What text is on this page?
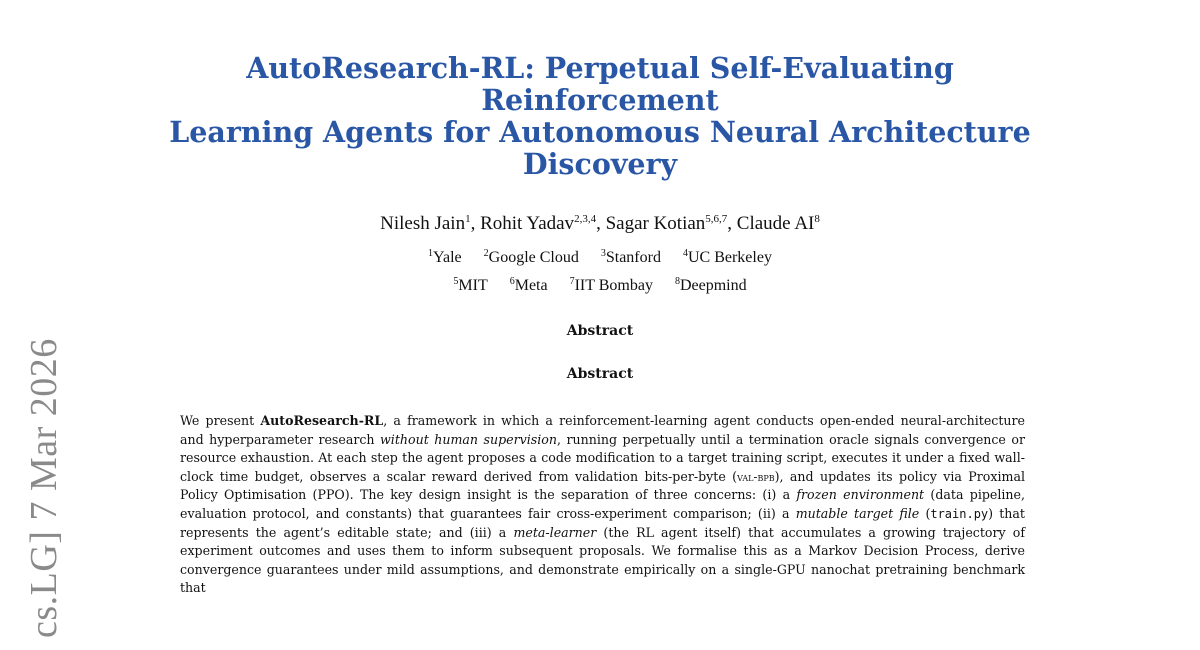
cs.LG] 7 Mar 2026
AutoResearch-RL: Perpetual Self-Evaluating
Reinforcement
Learning Agents for Autonomous Neural Architecture
Discovery
Nilesh Jain$^1$, Rohit Yadav$^{2,3,4}$, Sagar Kotian$^{5,6,7}$, Claude $AI^8$
$^1$Yale $^2$Google Cloud $^3$Stanford $^4$UC Berkeley
$^5$MIT $^6$Meta $^7$IIT Bombay $^8$Deepmind
Abstract
Abstract

We present AutoResearch-RL, a framework in which a reinforcement-learning agent conducts open-ended neural-architecture and hyperparameter research without human supervision, running perpetually until a termination oracle signals convergence or resource exhaustion. At each step the agent proposes a code modification to a target training script, executes it under a fixed wall-clock time budget, observes a scalar reward derived from validation bits-per-byte (val-bpb), and updates its policy via Proximal Policy Optimisation (PPO). The key design insight is the separation of three concerns: (i) a frozen environment (data pipeline, evaluation protocol, and constants) that guarantees fair cross-experiment comparison; (ii) a mutable target file (train.py) that represents the agent’s editable state; and (iii) a meta-learner (the RL agent itself) that accumulates a growing trajectory of experiment outcomes and uses them to inform subsequent proposals. We formalise this as a Markov Decision Process, derive convergence guarantees under mild assumptions, and demonstrate empirically on a single-GPU nanochat pretraining benchmark that
